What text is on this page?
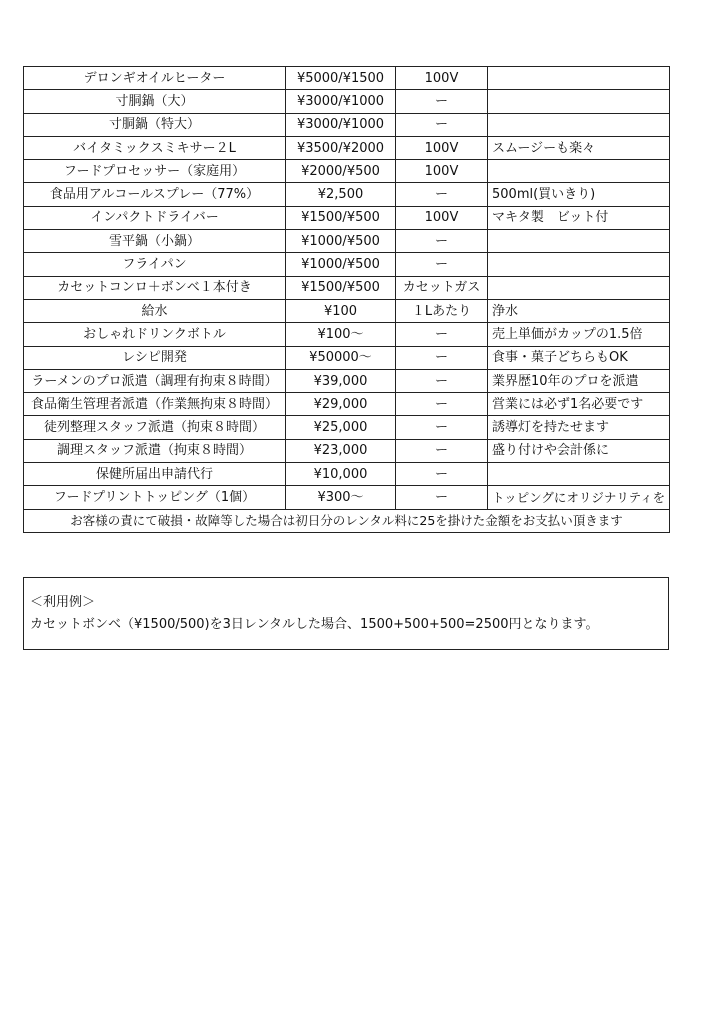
デロンギオイルヒーター	¥5000/¥1500	100V	
寸胴鍋（大）	¥3000/¥1000	ー	
寸胴鍋（特大）	¥3000/¥1000	ー	
バイタミックスミキサー２L	¥3500/¥2000	100V	スムージーも楽々
フードプロセッサー（家庭用）	¥2000/¥500	100V	
食品用アルコールスプレー（77%）	¥2,500	ー	500ml(買いきり)
インパクトドライバー	¥1500/¥500	100V	マキタ製　ビット付
雪平鍋（小鍋）	¥1000/¥500	ー	
フライパン	¥1000/¥500	ー	
カセットコンロ＋ボンベ１本付き	¥1500/¥500	カセットガス	
給水	¥100	１Lあたり	浄水
おしゃれドリンクボトル	¥100〜	ー	売上単価がカップの1.5倍
レシピ開発	¥50000〜	ー	食事・菓子どちらもOK
ラーメンのプロ派遣（調理有拘束８時間）	¥39,000	ー	業界歴10年のプロを派遣
食品衛生管理者派遣（作業無拘束８時間）	¥29,000	ー	営業には必ず1名必要です
徒列整理スタッフ派遣（拘束８時間）	¥25,000	ー	誘導灯を持たせます
調理スタッフ派遣（拘束８時間）	¥23,000	ー	盛り付けや会計係に
保健所届出申請代行	¥10,000	ー	
フードプリントトッピング（1個）	¥300〜	ー	トッピングにオリジナリティを
お客様の責にて破損・故障等した場合は初日分のレンタル料に25を掛けた金額をお支払い頂きます			
＜利用例＞
カセットボンベ（¥1500/500)を3日レンタルした場合、1500+500+500=2500円となります。
